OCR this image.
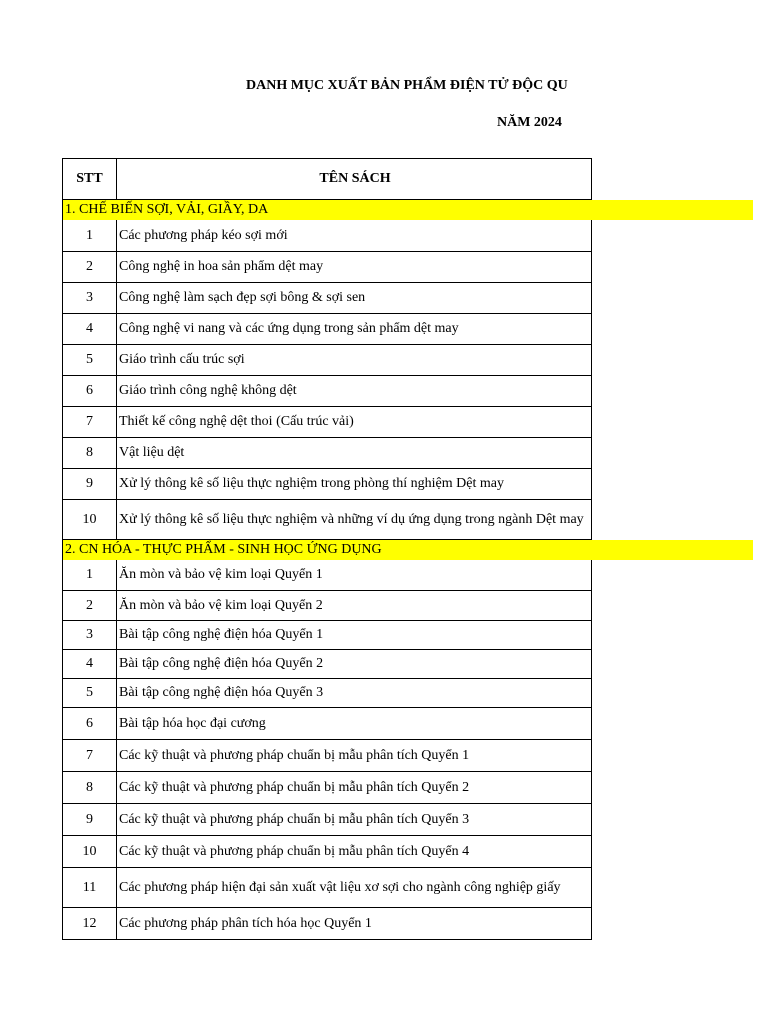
DANH MỤC XUẤT BẢN PHẨM ĐIỆN TỬ ĐỘC QU
NĂM 2024
STT	TÊN SÁCH
1. CHẾ BIẾN SỢI, VẢI, GIẦY, DA
1	Các phương pháp kéo sợi mới
2	Công nghệ in hoa sản phẩm dệt may
3	Công nghệ làm sạch đẹp sợi bông & sợi sen
4	Công nghệ vi nang và các ứng dụng trong sản phẩm dệt may
5	Giáo trình cấu trúc sợi
6	Giáo trình công nghệ không dệt
7	Thiết kế công nghệ dệt thoi (Cấu trúc vải)
8	Vật liệu dệt
9	Xử lý thông kê số liệu thực nghiệm trong phòng thí nghiệm Dệt may
10	Xử lý thông kê số liệu thực nghiệm và những ví dụ ứng dụng trong ngành Dệt may
2. CN HÓA - THỰC PHẨM - SINH HỌC ỨNG DỤNG
1	Ăn mòn và bảo vệ kim loại Quyển 1
2	Ăn mòn và bảo vệ kim loại Quyển 2
3	Bài tập công nghệ điện hóa Quyển 1
4	Bài tập công nghệ điện hóa Quyển 2
5	Bài tập công nghệ điện hóa Quyển 3
6	Bài tập hóa học đại cương
7	Các kỹ thuật và phương pháp chuẩn bị mẫu phân tích Quyển 1
8	Các kỹ thuật và phương pháp chuẩn bị mẫu phân tích Quyển 2
9	Các kỹ thuật và phương pháp chuẩn bị mẫu phân tích Quyển 3
10	Các kỹ thuật và phương pháp chuẩn bị mẫu phân tích Quyển 4
11	Các phương pháp hiện đại sản xuất vật liệu xơ sợi cho ngành công nghiệp giấy
12	Các phương pháp phân tích hóa học Quyển 1
